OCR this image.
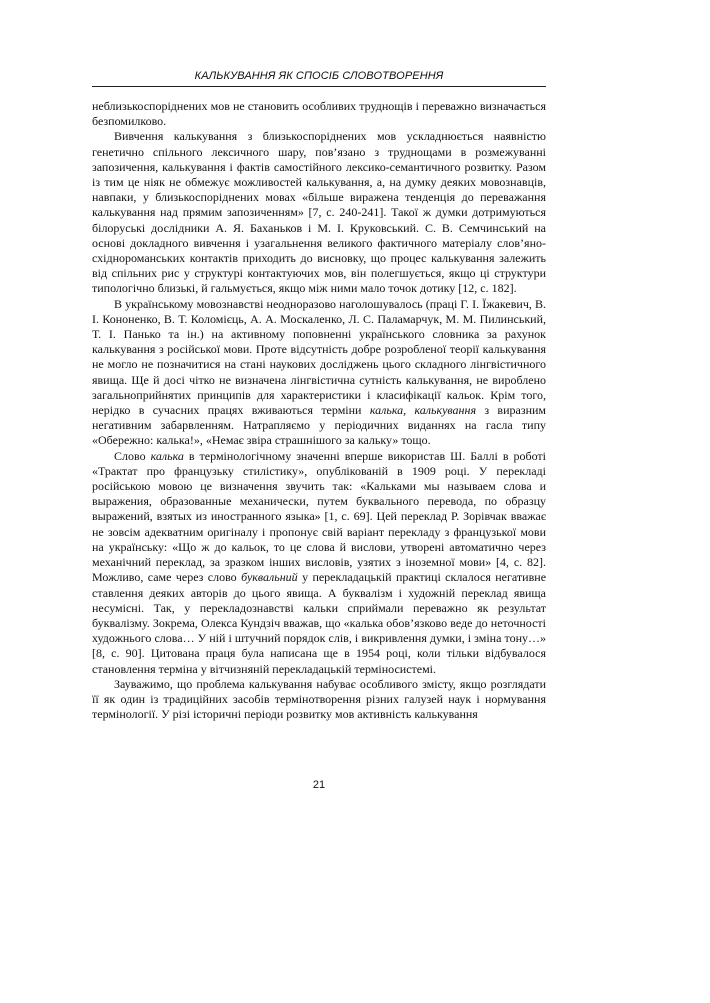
КАЛЬКУВАННЯ ЯК СПОСІБ СЛОВОТВОРЕННЯ

неблизькоспоріднених мов не становить особливих труднощів і переважно визначається безпомилково.

Вивчення калькування з близькоспоріднених мов ускладнюється наявністю генетично спільного лексичного шару, пов’язано з труднощами в розмежуванні запозичення, калькування і фактів самостійного лексико-семантичного розвитку. Разом із тим це ніяк не обмежує можливостей калькування, а, на думку деяких мовознавців, навпаки, у близькоспоріднених мовах «більше виражена тенденція до переважання калькування над прямим запозиченням» [7, с. 240-241]. Такої ж думки дотримуються білоруські дослідники А. Я. Баханьков і М. І. Круковський. С. В. Семчинський на основі докладного вивчення і узагальнення великого фактичного матеріалу слов’яно-східнороманських контактів приходить до висновку, що процес калькування залежить від спільних рис у структурі контактуючих мов, він полегшується, якщо ці структури типологічно близькі, й гальмується, якщо між ними мало точок дотику [12, с. 182].

В українському мовознавстві неодноразово наголошувалось (праці Г. І. Їжакевич, В. І. Кононенко, В. Т. Коломієць, А. А. Москаленко, Л. С. Паламарчук, М. М. Пилинський, Т. І. Панько та ін.) на активному поповненні українського словника за рахунок калькування з російської мови. Проте відсутність добре розробленої теорії калькування не могло не позначитися на стані наукових досліджень цього складного лінгвістичного явища. Ще й досі чітко не визначена лінгвістична сутність калькування, не вироблено загальноприйнятих принципів для характеристики і класифікації кальок. Крім того, нерідко в сучасних працях вживаються терміни калька, калькування з виразним негативним забарвленням. Натрапляємо у періодичних виданнях на гасла типу «Обережно: калька!», «Немає звіра страшнішого за кальку» тощо.

Слово калька в термінологічному значенні вперше використав Ш. Баллі в роботі «Трактат про французьку стилістику», опублікованій в 1909 році. У перекладі російською мовою це визначення звучить так: «Кальками мы называем слова и выражения, образованные механически, путем буквального перевода, по образцу выражений, взятых из иностранного языка» [1, с. 69]. Цей переклад Р. Зорівчак вважає не зовсім адекватним оригіналу і пропонує свій варіант перекладу з французької мови на українську: «Що ж до кальок, то це слова й вислови, утворені автоматично через механічний переклад, за зразком інших висловів, узятих з іноземної мови» [4, с. 82]. Можливо, саме через слово буквальний у перекладацькій практиці склалося негативне ставлення деяких авторів до цього явища. А буквалізм і художній переклад явища несумісні. Так, у перекладознавстві кальки сприймали переважно як результат буквалізму. Зокрема, Олекса Кундзіч вважав, що «калька обов’язково веде до неточності художнього слова… У ній і штучний порядок слів, і викривлення думки, і зміна тону…» [8, с. 90]. Цитована праця була написана ще в 1954 році, коли тільки відбувалося становлення терміна у вітчизняній перекладацькій терміносистемі.

Зауважимо, що проблема калькування набуває особливого змісту, якщо розглядати її як один із традиційних засобів термінотворення різних галузей наук і нормування термінології. У різі історичні періоди розвитку мов активність калькування

21
